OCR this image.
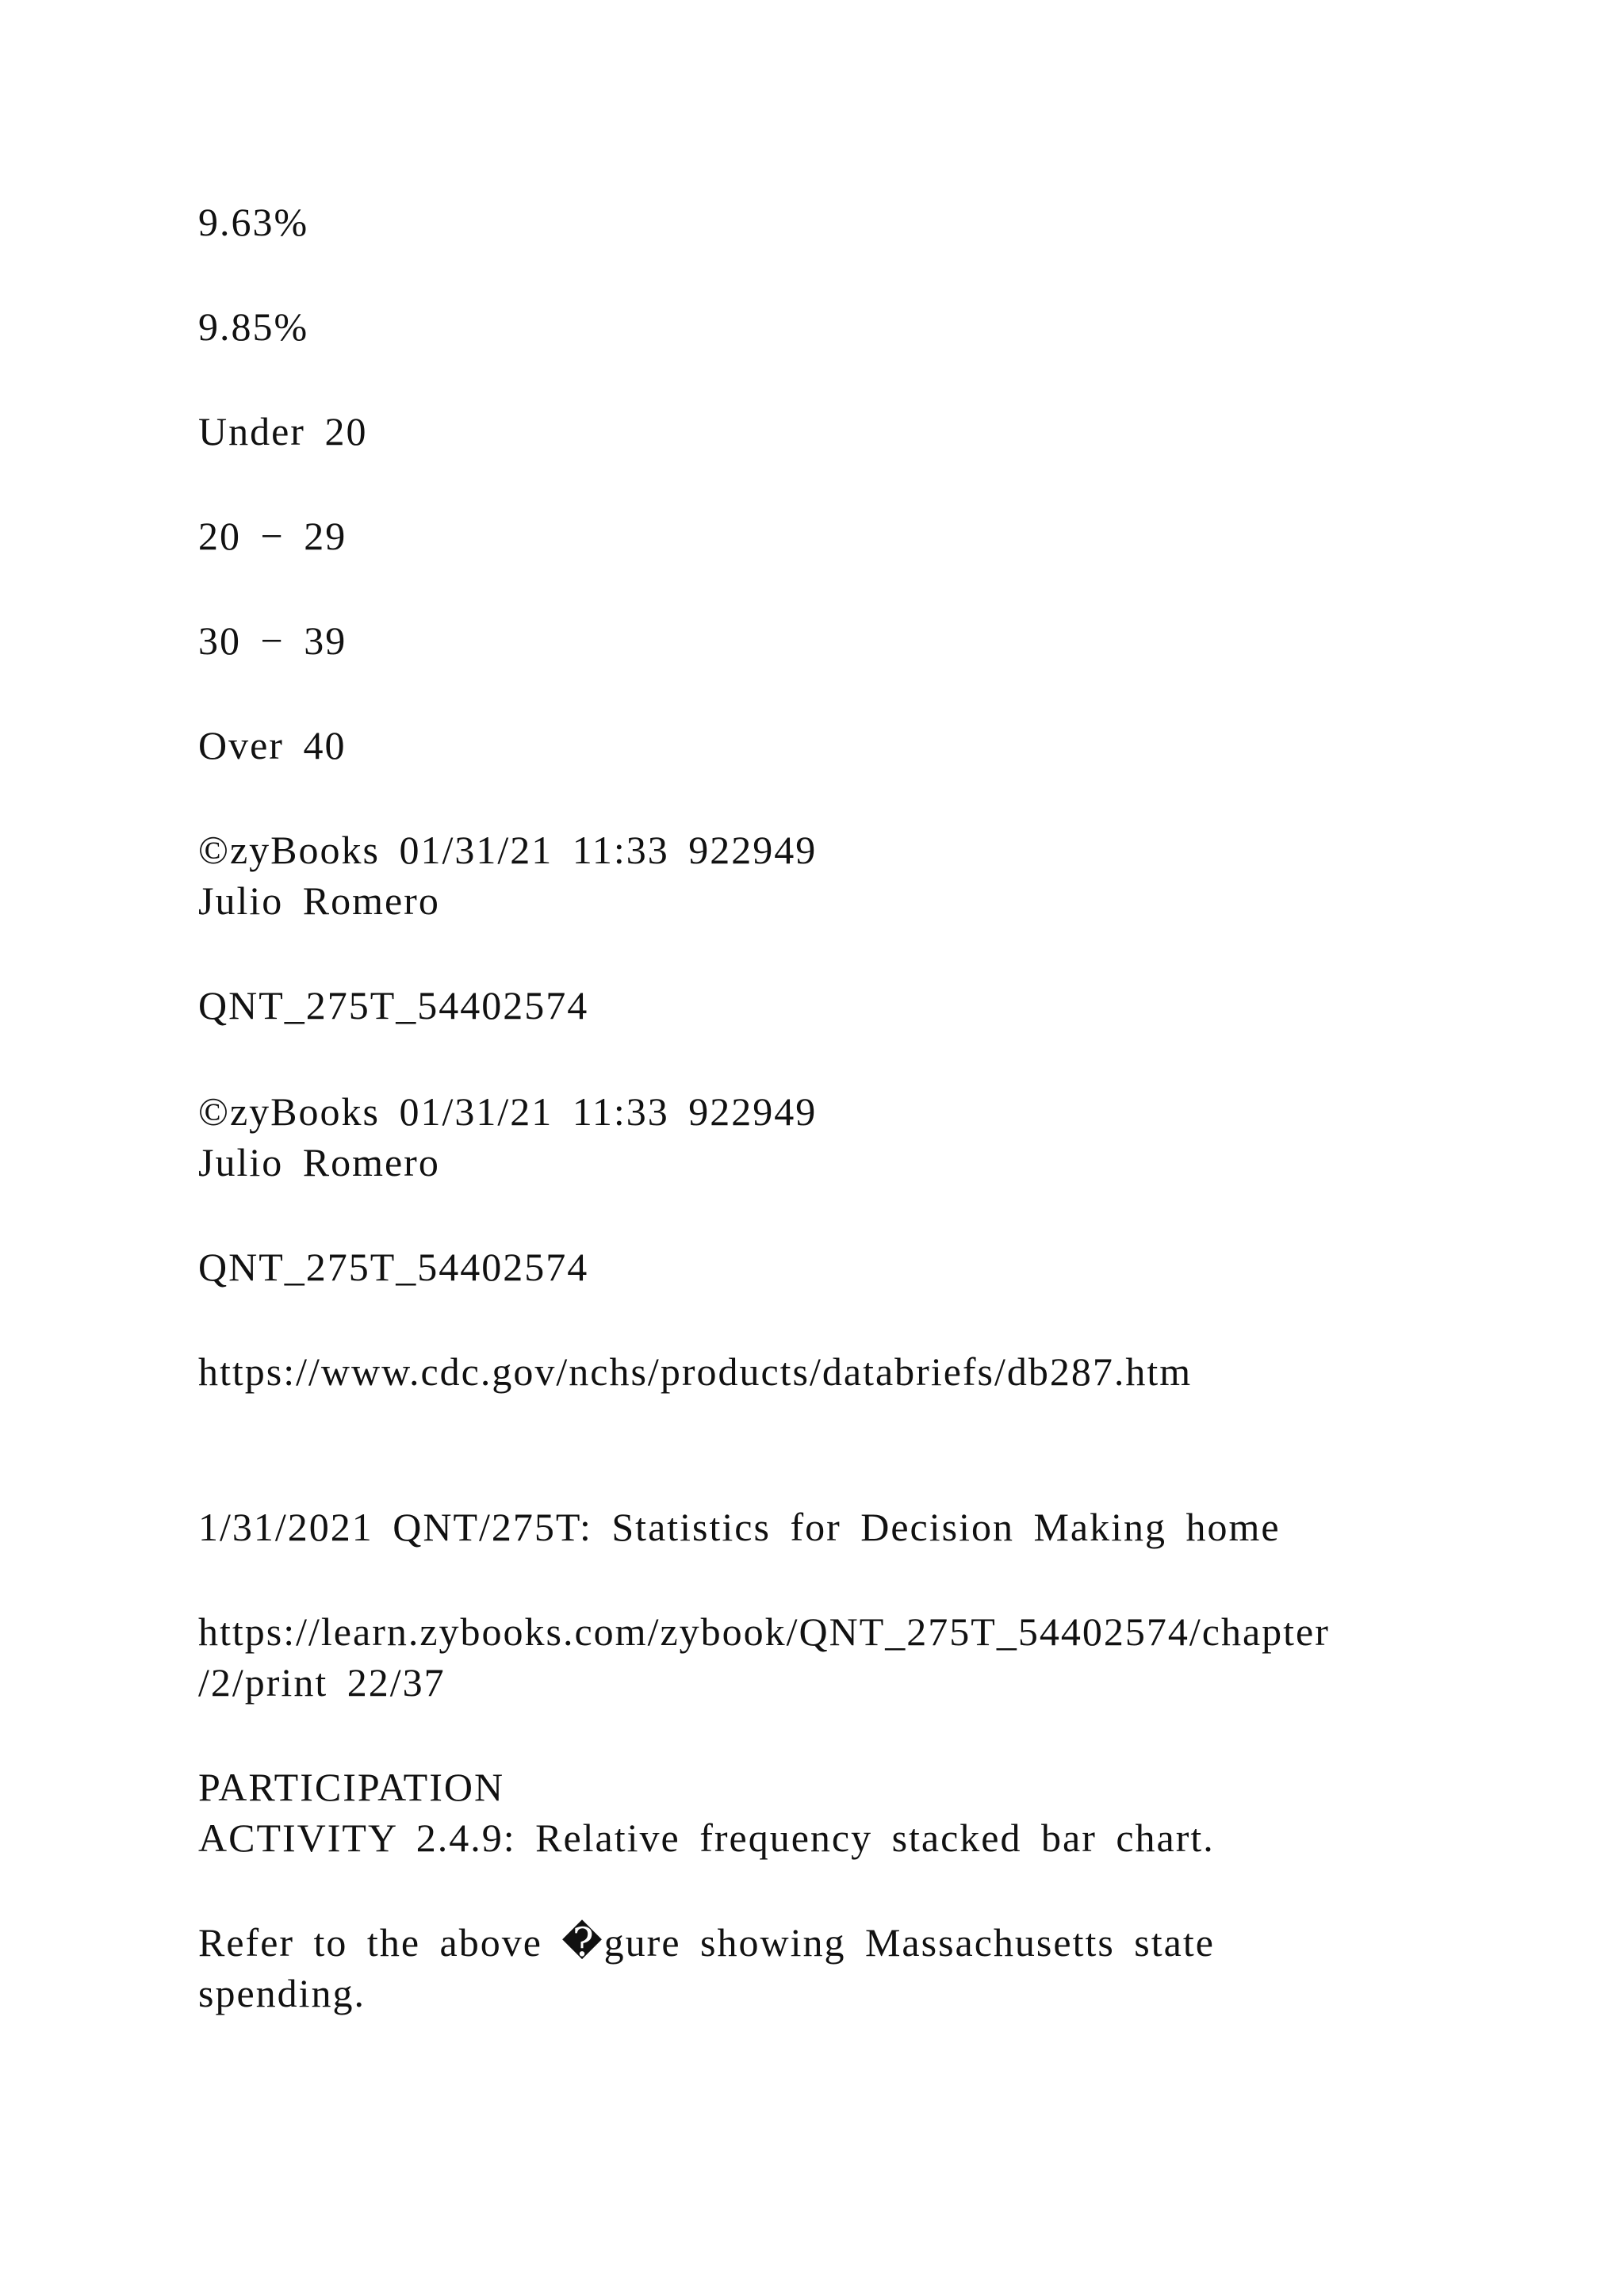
9.63%
9.85%
Under 20
20 − 29
30 − 39
Over 40
©zyBooks 01/31/21 11:33 922949
Julio Romero
QNT_275T_54402574
©zyBooks 01/31/21 11:33 922949
Julio Romero
QNT_275T_54402574
https://www.cdc.gov/nchs/products/databriefs/db287.htm
1/31/2021 QNT/275T: Statistics for Decision Making home
https://learn.zybooks.com/zybook/QNT_275T_54402574/chapter
/2/print 22/37
PARTICIPATION
ACTIVITY 2.4.9: Relative frequency stacked bar chart.
Refer to the above �gure showing Massachusetts state
spending.
